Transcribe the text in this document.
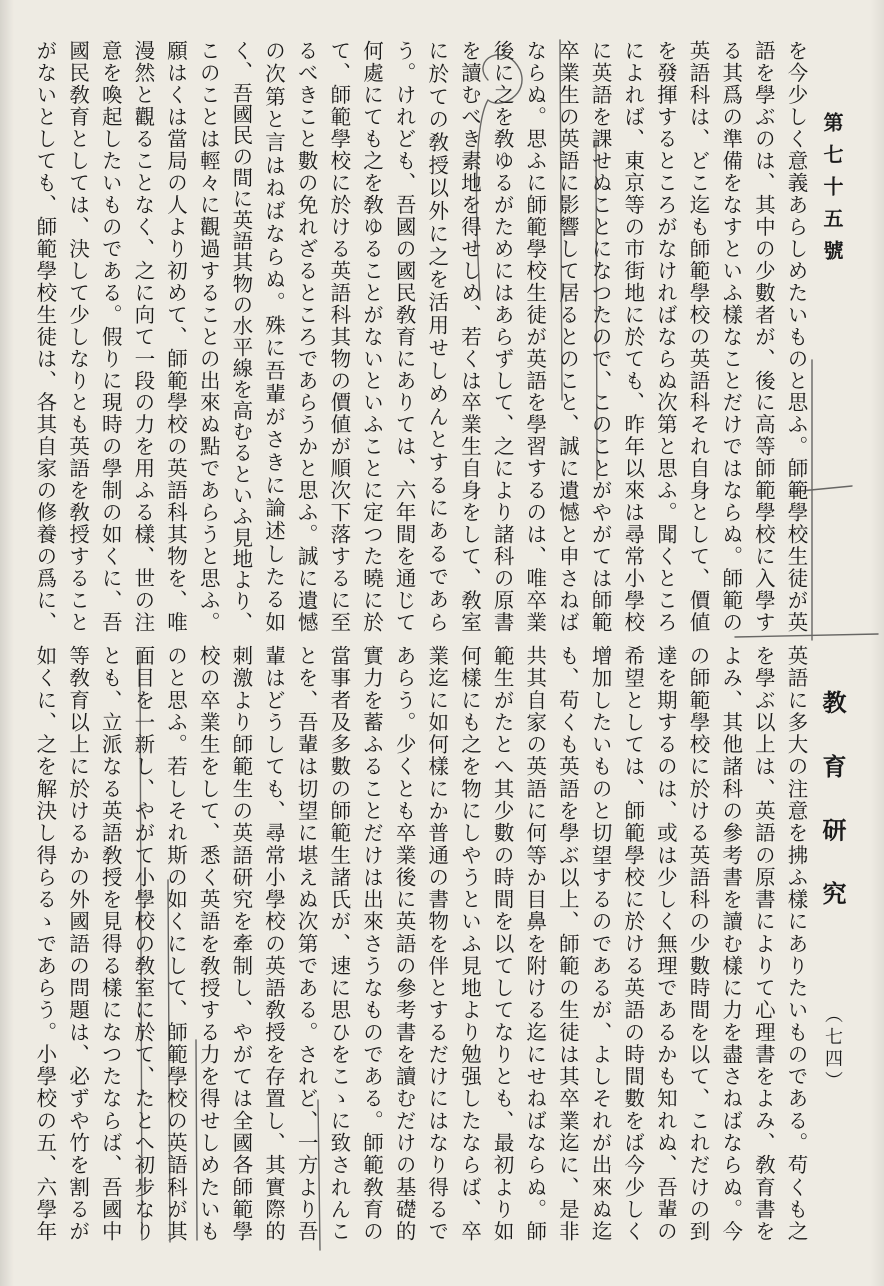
第七十五號
教育研究
（七四）
を今少しく意義あらしめたいものと思ふ。師範學校生徒が英
語を學ぶのは、其中の少數者が、後に高等師範學校に入學す
る其爲の準備をなすといふ樣なことだけではならぬ。師範の
英語科は、どこ迄も師範學校の英語科それ自身として、價値
を發揮するところがなければならぬ次第と思ふ。聞くところ
によれば、東京等の市街地に於ても、昨年以來は尋常小學校
に英語を課せぬことになつたので、このことがやがては師範
卒業生の英語に影響して居るとのこと、誠に遺憾と申さねば
ならぬ。思ふに師範學校生徒が英語を學習するのは、唯卒業
後に之を敎ゆるがためにはあらずして、之により諸科の原書
を讀むべき素地を得せしめ、若くは卒業生自身をして、敎室
に於ての敎授以外に之を活用せしめんとするにあるであら
う。けれども、吾國の國民敎育にありては、六年間を通じて
何處にても之を敎ゆることがないといふことに定つた曉に於
て、師範學校に於ける英語科其物の價値が順次下落するに至
るべきこと數の免れざるところであらうかと思ふ。誠に遺憾
の次第と言はねばならぬ。殊に吾輩がさきに論述したる如
く、吾國民の間に英語其物の水平線を高むるといふ見地より、
このことは輕々に觀過することの出來ぬ點であらうと思ふ。
願はくは當局の人より初めて、師範學校の英語科其物を、唯
漫然と觀ることなく、之に向て一段の力を用ふる樣、世の注
意を喚起したいものである。假りに現時の學制の如くに、吾
國民敎育としては、決して少しなりとも英語を敎授すること
がないとしても、師範學校生徒は、各其自家の修養の爲に、
英語に多大の注意を拂ふ樣にありたいものである。苟くも之
を學ぶ以上は、英語の原書によりて心理書をよみ、敎育書を
よみ、其他諸科の參考書を讀む樣に力を盡さねばならぬ。今
の師範學校に於ける英語科の少數時間を以て、これだけの到
達を期するのは、或は少しく無理であるかも知れぬ、吾輩の
希望としては、師範學校に於ける英語の時間數をば今少しく
增加したいものと切望するのであるが、よしそれが出來ぬ迄
も、苟くも英語を學ぶ以上、師範の生徒は其卒業迄に、是非
共其自家の英語に何等か目鼻を附ける迄にせねばならぬ。師
範生がたとへ其少數の時間を以てしてなりとも、最初より如
何樣にも之を物にしやうといふ見地より勉强したならば、卒
業迄に如何樣にか普通の書物を伴とするだけにはなり得るで
あらう。少くとも卒業後に英語の參考書を讀むだけの基礎的
實力を蓄ふることだけは出來さうなものである。師範敎育の
當事者及多數の師範生諸氏が、速に思ひをこゝに致されんこ
とを、吾輩は切望に堪えぬ次第である。されど、一方より吾
輩はどうしても、尋常小學校の英語敎授を存置し、其實際的
刺激より師範生の英語研究を牽制し、やがては全國各師範學
校の卒業生をして、悉く英語を敎授する力を得せしめたいも
のと思ふ。若しそれ斯の如くにして、師範學校の英語科が其
面目を一新し、やがて小學校の敎室に於て、たとへ初步なり
とも、立派なる英語敎授を見得る樣になつたならば、吾國中
等敎育以上に於けるかの外國語の問題は、必ずや竹を割るが
如くに、之を解決し得らるゝであらう。小學校の五、六學年
